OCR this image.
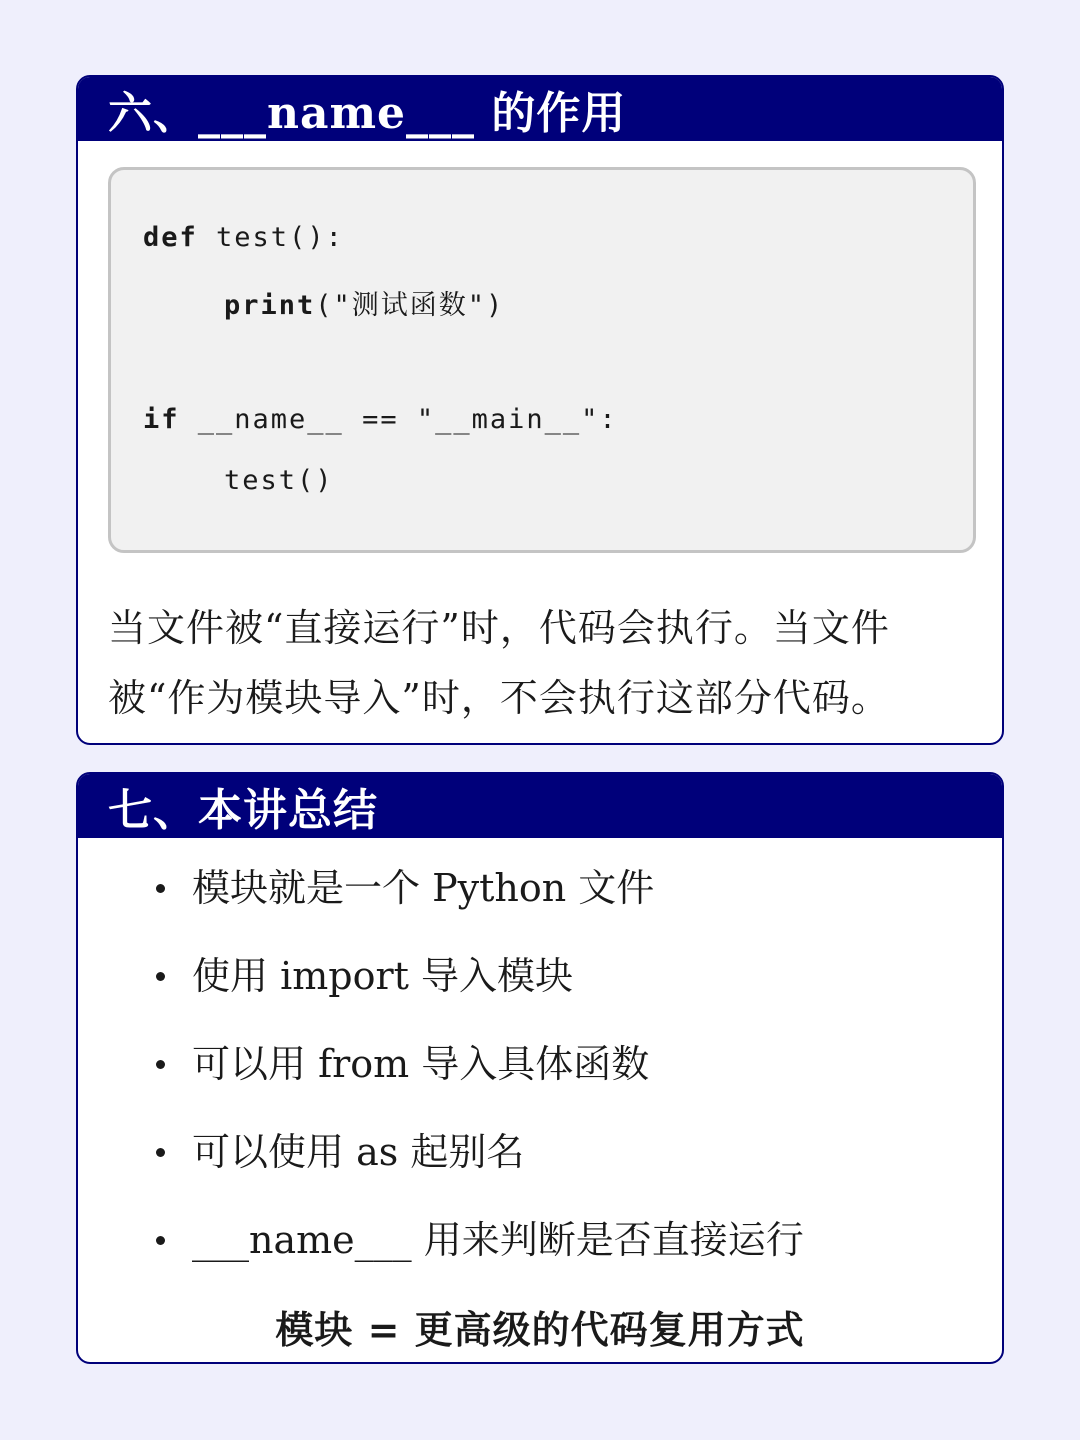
六、___name___ 的作用
def test():
print("测试函数")
if __name__ == "__main__":
test()
当文件被“直接运行”时，代码会执行。当文件被“作为模块导入”时，不会执行这部分代码。
七、本讲总结
模块就是一个 Python 文件
使用 import 导入模块
可以用 from 导入具体函数
可以使用 as 起别名
___name___ 用来判断是否直接运行
模块 = 更高级的代码复用方式
